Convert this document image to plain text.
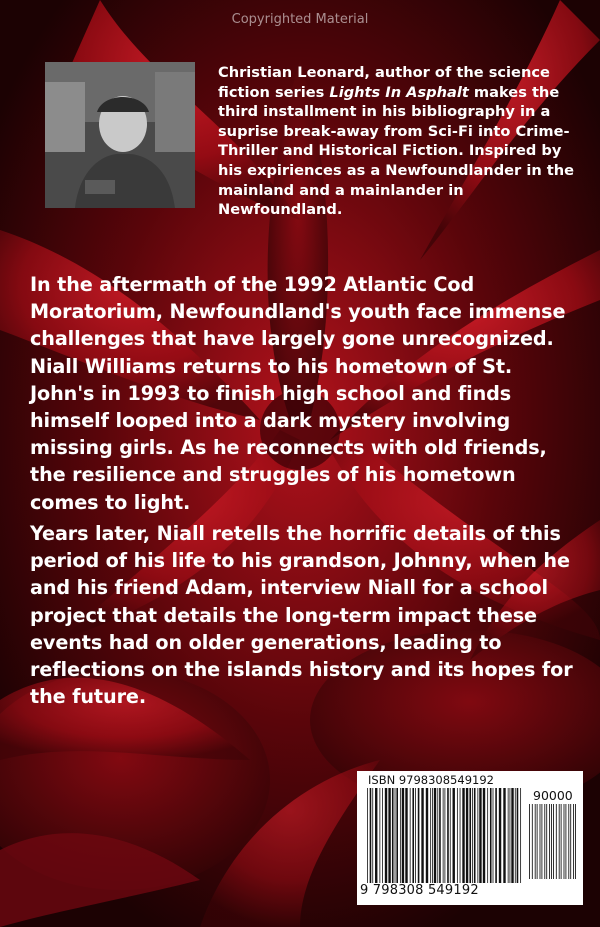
Copyrighted Material
Christian Leonard, author of the science fiction series Lights In Asphalt makes the third installment in his bibliography in a suprise break-away from Sci-Fi into Crime-Thriller and Historical Fiction. Inspired by his expiriences as a Newfoundlander in the mainland and a mainlander in Newfoundland.
In the aftermath of the 1992 Atlantic Cod Moratorium, Newfoundland's youth face immense challenges that have largely gone unrecognized. Niall Williams returns to his hometown of St. John's in 1993 to finish high school and finds himself looped into a dark mystery involving missing girls. As he reconnects with old friends, the resilience and struggles of his hometown comes to light.
Years later, Niall retells the horrific details of this period of his life to his grandson, Johnny, when he and his friend Adam, interview Niall for a school project that details the long-term impact these events had on older generations, leading to reflections on the islands history and its hopes for the future.
ISBN 9798308549192
90000
9 798308 549192
